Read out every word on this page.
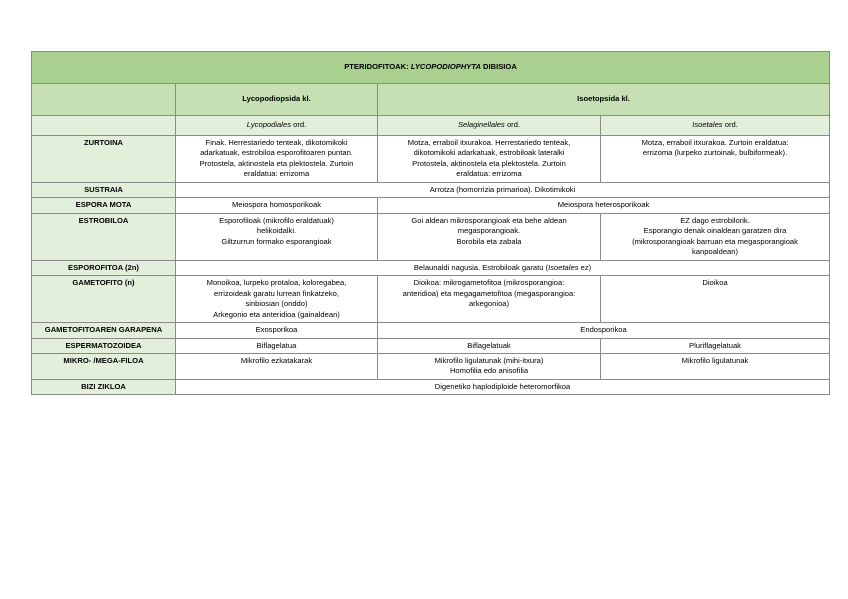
PTERIDOFITOAK: LYCOPODIOPHYTA DIBISIOA			
	Lycopodiopsida kl.	Isoetopsida kl.	
	Lycopodiales ord.	Selaginellales ord.	Isoetales ord.
ZURTOINA	Finak. Herrestariedo tenteak, dikotomikoki
adarkatuak, estrobiloa esporofitoaren puntan.
Protostela, aktinostela eta plektostela. Zurtoin
eraldatua: errizoma	Motza, erraboil itxurakoa. Herrestariedo tenteak,
dikotomikoki adarkatuak, estrobiloak lateralki
Protostela, aktinostela eta plektostela. Zurtoin
eraldatua: errizoma	Motza, erraboil itxurakoa. Zurtoin eraldatua:
errizoma (lurpeko zurtoinak, bulbiformeak).

SUSTRAIA	Arrotza (homorrizia primarioa). Dikotimikoki		
ESPORA MOTA	Meiospora homosporikoak	Meiospora heterosporikoak	
ESTROBILOA	Esporofiloak (mikrofilo eraldatuak)
helikoidalki.
Giltzurrun formako esporangioak	Goi aldean mikrosporangioak eta behe aldean
megasporangioak.
Borobila eta zabala	EZ dago estrobilorik.
Esporangio denak oinaldean garatzen dira
(mikrosporangioak barruan eta megasporangioak
kanpoaldean)

ESPOROFITOA (2n)	Belaunaldi nagusia. Estrobiloak garatu (Isoetales ez)		
GAMETOFITO (n)	Monoikoa, lurpeko protaloa, koloregabea,
errizoideak garatu lurrean finkatzeko,
sinbiosian (onddo)
Arkegonio eta anteridioa (gainaldean)	Dioikoa: mikrogametofitoa (mikrosporangioa:
anteridioa) eta megagametofitoa (megasporangioa:
arkegonioa)	Dioikoa

GAMETOFITOAREN GARAPENA	Exosporikoa	Endosporikoa	
ESPERMATOZOIDEA	Biflagelatua	Biflagelatuak	Pluriflagelatuak
MIKRO- /MEGA-FILOA	Mikrofilo ezkatakarak	Mikrofilo ligulatunak (mihi-itxura)
Homofilia edo anisofilia	Mikrofilo ligulatunak

BIZI ZIKLOA	Digenetiko haplodiploide heteromorfikoa		
